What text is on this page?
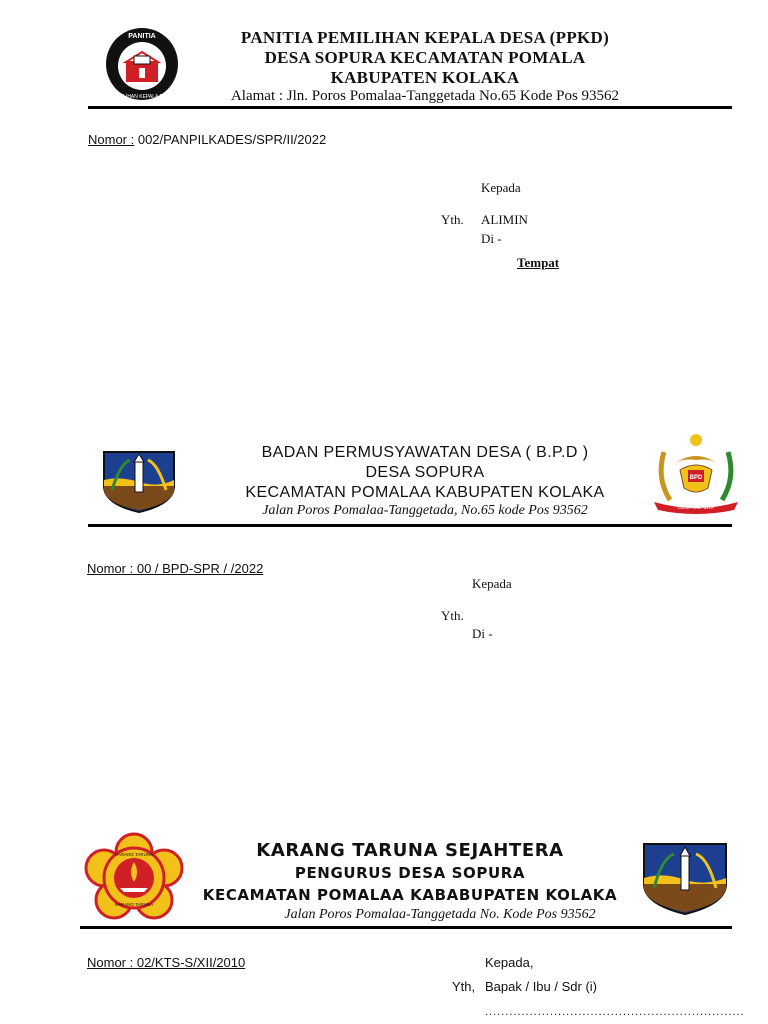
PANITIA
PEMILIHAN KEPALA DESA
PANITIA PEMILIHAN KEPALA DESA (PPKD)
DESA SOPURA KECAMATAN POMALA
KABUPATEN KOLAKA
Alamat : Jln. Poros Pomalaa-Tanggetada No.65 Kode Pos 93562
Nomor : 002/PANPILKADES/SPR/II/2022
Kepada
Yth. ALIMIN
Di -
Tempat
BADAN PERMUSYAWATAN DESA ( B.P.D )
DESA SOPURA
KECAMATAN POMALAA KABUPATEN KOLAKA
Jalan Poros Pomalaa-Tanggetada, No.65 kode Pos 93562
BPD
DESA SOPURA
Nomor : 00 / BPD-SPR / /2022
Kepada
Yth.
Di -
KARANG TARUNA
KARANG TARUNA
KARANG TARUNA SEJAHTERA
PENGURUS DESA SOPURA
KECAMATAN POMALAA KABABUPATEN KOLAKA
Jalan Poros Pomalaa-Tanggetada No. Kode Pos 93562
Nomor : 02/KTS-S/XII/2010	Kepada,
Yth, Bapak / Ibu / Sdr (i)
................................................................
